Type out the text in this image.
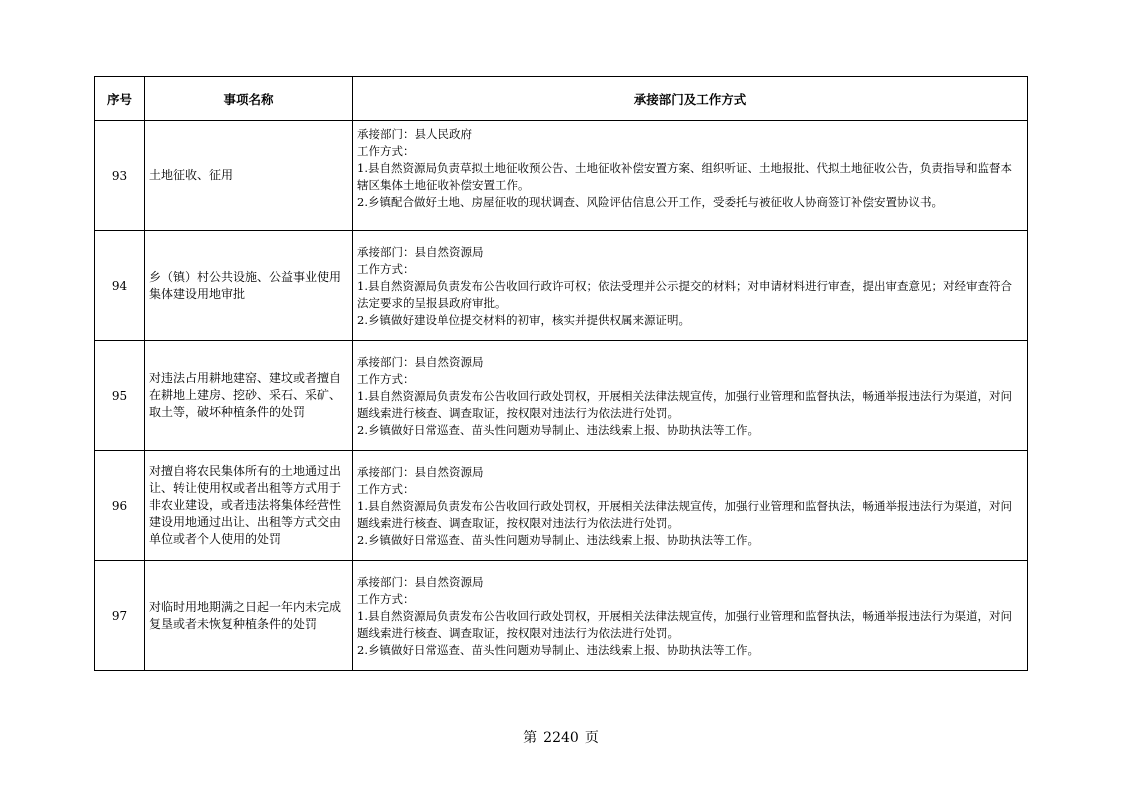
序号	事项名称	承接部门及工作方式
93	土地征收、征用	承接部门：县人民政府
工作方式：
1.县自然资源局负责草拟土地征收预公告、土地征收补偿安置方案、组织听证、土地报批、代拟土地征收公告，负责指导和监督本辖区集体土地征收补偿安置工作。
2.乡镇配合做好土地、房屋征收的现状调查、风险评估信息公开工作，受委托与被征收人协商签订补偿安置协议书。

94	乡（镇）村公共设施、公益事业使用集体建设用地审批	承接部门：县自然资源局
工作方式：
1.县自然资源局负责发布公告收回行政许可权；依法受理并公示提交的材料；对申请材料进行审查，提出审查意见；对经审查符合法定要求的呈报县政府审批。
2.乡镇做好建设单位提交材料的初审，核实并提供权属来源证明。

95	对违法占用耕地建窑、建坟或者擅自在耕地上建房、挖砂、采石、采矿、取土等，破坏种植条件的处罚	承接部门：县自然资源局
工作方式：
1.县自然资源局负责发布公告收回行政处罚权，开展相关法律法规宣传，加强行业管理和监督执法，畅通举报违法行为渠道，对问题线索进行核查、调查取证，按权限对违法行为依法进行处罚。
2.乡镇做好日常巡查、苗头性问题劝导制止、违法线索上报、协助执法等工作。

96	对擅自将农民集体所有的土地通过出让、转让使用权或者出租等方式用于非农业建设，或者违法将集体经营性建设用地通过出让、出租等方式交由单位或者个人使用的处罚	承接部门：县自然资源局
工作方式：
1.县自然资源局负责发布公告收回行政处罚权，开展相关法律法规宣传，加强行业管理和监督执法，畅通举报违法行为渠道，对问题线索进行核查、调查取证，按权限对违法行为依法进行处罚。
2.乡镇做好日常巡查、苗头性问题劝导制止、违法线索上报、协助执法等工作。

97	对临时用地期满之日起一年内未完成复垦或者未恢复种植条件的处罚	承接部门：县自然资源局
工作方式：
1.县自然资源局负责发布公告收回行政处罚权，开展相关法律法规宣传，加强行业管理和监督执法，畅通举报违法行为渠道，对问题线索进行核查、调查取证，按权限对违法行为依法进行处罚。
2.乡镇做好日常巡查、苗头性问题劝导制止、违法线索上报、协助执法等工作。
第 2240 页
